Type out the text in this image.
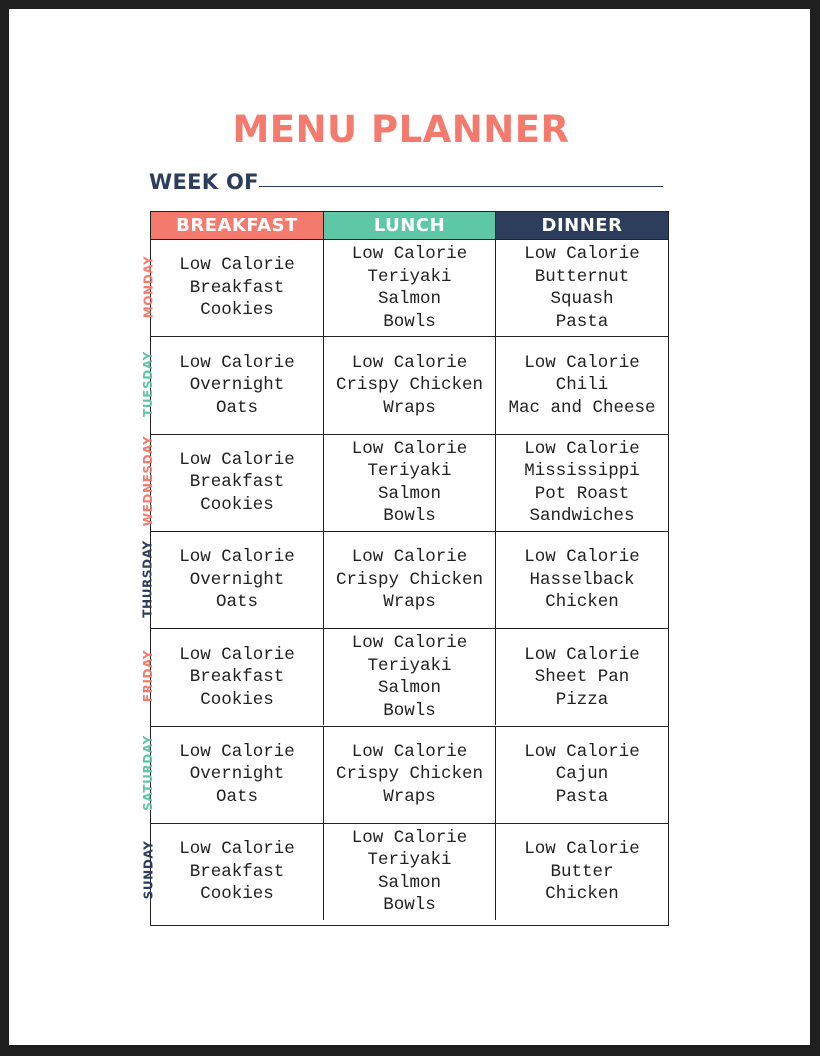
MENU PLANNER
WEEK OF
BREAKFAST	LUNCH	DINNER
Low Calorie
Breakfast
Cookies
Low Calorie
Teriyaki
Salmon
Bowls
Low Calorie
Butternut
Squash
Pasta
Low Calorie
Overnight
Oats
Low Calorie
Crispy Chicken
Wraps
Low Calorie
Chili
Mac and Cheese
Low Calorie
Breakfast
Cookies
Low Calorie
Teriyaki
Salmon
Bowls
Low Calorie
Mississippi
Pot Roast
Sandwiches
Low Calorie
Overnight
Oats
Low Calorie
Crispy Chicken
Wraps
Low Calorie
Hasselback
Chicken
Low Calorie
Breakfast
Cookies
Low Calorie
Teriyaki
Salmon
Bowls
Low Calorie
Sheet Pan
Pizza
Low Calorie
Overnight
Oats
Low Calorie
Crispy Chicken
Wraps
Low Calorie
Cajun
Pasta
Low Calorie
Breakfast
Cookies
Low Calorie
Teriyaki
Salmon
Bowls
Low Calorie
Butter
Chicken
MONDAY
TUESDAY
WEDNESDAY
THURSDAY
FRIDAY
SATURDAY
SUNDAY
